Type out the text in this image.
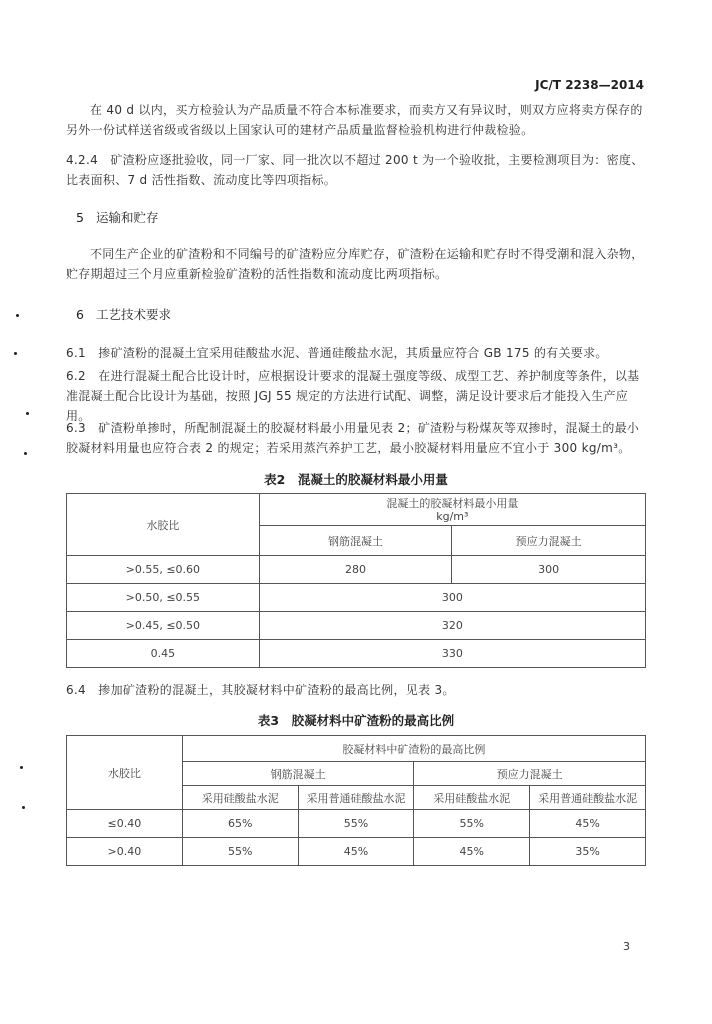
JC/T 2238—2014
在 40 d 以内，买方检验认为产品质量不符合本标准要求，而卖方又有异议时，则双方应将卖方保存的另外一份试样送省级或省级以上国家认可的建材产品质量监督检验机构进行仲裁检验。
4.2.4　矿渣粉应逐批验收，同一厂家、同一批次以不超过 200 t 为一个验收批，主要检测项目为：密度、比表面积、7 d 活性指数、流动度比等四项指标。
5 运输和贮存
不同生产企业的矿渣粉和不同编号的矿渣粉应分库贮存，矿渣粉在运输和贮存时不得受潮和混入杂物，贮存期超过三个月应重新检验矿渣粉的活性指数和流动度比两项指标。
6 工艺技术要求
6.1　掺矿渣粉的混凝土宜采用硅酸盐水泥、普通硅酸盐水泥，其质量应符合 GB 175 的有关要求。
6.2　在进行混凝土配合比设计时，应根据设计要求的混凝土强度等级、成型工艺、养护制度等条件，以基准混凝土配合比设计为基础，按照 JGJ 55 规定的方法进行试配、调整，满足设计要求后才能投入生产应用。
6.3　矿渣粉单掺时，所配制混凝土的胶凝材料最小用量见表 2；矿渣粉与粉煤灰等双掺时，混凝土的最小胶凝材料用量也应符合表 2 的规定；若采用蒸汽养护工艺，最小胶凝材料用量应不宜小于 300 kg/m³。
表2　混凝土的胶凝材料最小用量
水胶比	混凝土的胶凝材料最小用量
kg/m³	

	钢筋混凝土	预应力混凝土
>0.55, ≤0.60	280	300
>0.50, ≤0.55	300	
>0.45, ≤0.50	320	
0.45	330	
6.4　掺加矿渣粉的混凝土，其胶凝材料中矿渣粉的最高比例，见表 3。
表3　胶凝材料中矿渣粉的最高比例
水胶比	胶凝材料中矿渣粉的最高比例			
	钢筋混凝土		预应力混凝土	
	采用硅酸盐水泥	采用普通硅酸盐水泥	采用硅酸盐水泥	采用普通硅酸盐水泥
≤0.40	65%	55%	55%	45%
>0.40	55%	45%	45%	35%
3
